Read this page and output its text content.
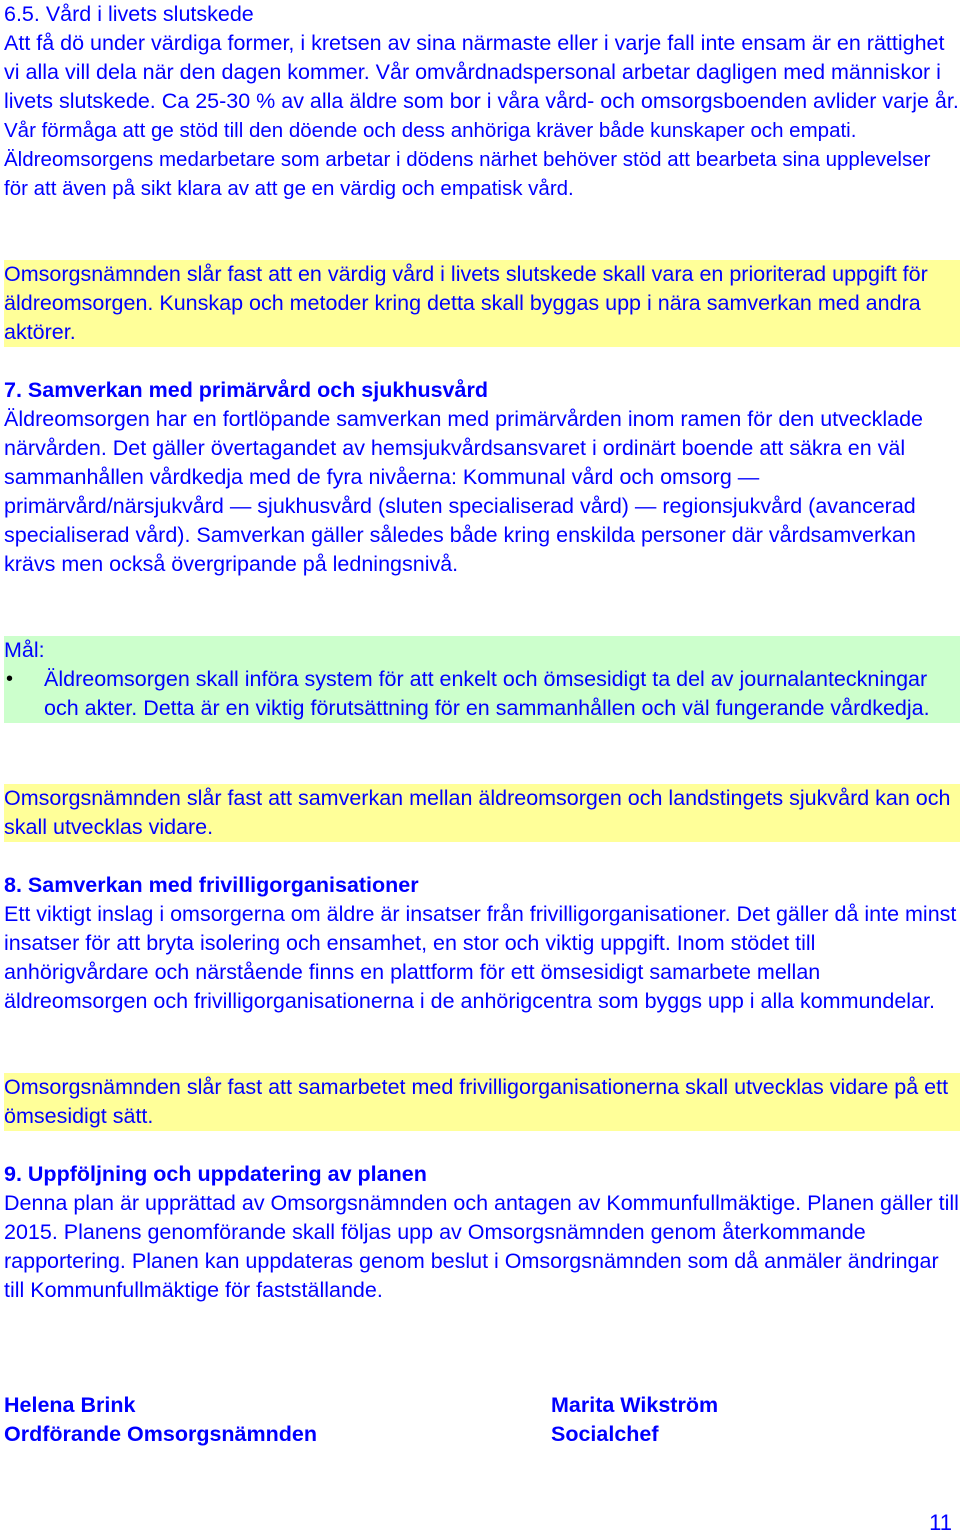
6.5. Vård i livets slutskede

Att få dö under värdiga former, i kretsen av sina närmaste eller i varje fall inte ensam är en rättighet vi alla vill dela när den dagen kommer. Vår omvårdnadspersonal arbetar dagligen med människor i livets slutskede. Ca 25-30 % av alla äldre som bor i våra vård- och omsorgsboenden avlider varje år. Vår förmåga att ge stöd till den döende och dess anhöriga kräver både kunskaper och empati. Äldreomsorgens medarbetare som arbetar i dödens närhet behöver stöd att bearbeta sina upplevelser för att även på sikt klara av att ge en värdig och empatisk vård.

Omsorgsnämnden slår fast att en värdig vård i livets slutskede skall vara en prioriterad uppgift för äldreomsorgen. Kunskap och metoder kring detta skall byggas upp i nära samverkan med andra aktörer.

7. Samverkan med primärvård och sjukhusvård

Äldreomsorgen har en fortlöpande samverkan med primärvården inom ramen för den utvecklade närvården. Det gäller övertagandet av hemsjukvårdsansvaret i ordinärt boende att säkra en väl sammanhållen vårdkedja med de fyra nivåerna: Kommunal vård och omsorg — primärvård/närsjukvård — sjukhusvård (sluten specialiserad vård) — regionsjukvård (avancerad specialiserad vård). Samverkan gäller således både kring enskilda personer där vårdsamverkan krävs men också övergripande på ledningsnivå.

Mål:

•	Äldreomsorgen skall införa system för att enkelt och ömsesidigt ta del av journalanteckningar och akter. Detta är en viktig förutsättning för en sammanhållen och väl fungerande vårdkedja.

Omsorgsnämnden slår fast att samverkan mellan äldreomsorgen och landstingets sjukvård kan och skall utvecklas vidare.

8. Samverkan med frivilligorganisationer

Ett viktigt inslag i omsorgerna om äldre är insatser från frivilligorganisationer. Det gäller då inte minst insatser för att bryta isolering och ensamhet, en stor och viktig uppgift. Inom stödet till anhörigvårdare och närstående finns en plattform för ett ömsesidigt samarbete mellan äldreomsorgen och frivilligorganisationerna i de anhörigcentra som byggs upp i alla kommundelar.

Omsorgsnämnden slår fast att samarbetet med frivilligorganisationerna skall utvecklas vidare på ett ömsesidigt sätt.

9. Uppföljning och uppdatering av planen

Denna plan är upprättad av Omsorgsnämnden och antagen av Kommunfullmäktige. Planen gäller till 2015. Planens genomförande skall följas upp av Omsorgsnämnden genom återkommande rapportering. Planen kan uppdateras genom beslut i Omsorgsnämnden som då anmäler ändringar till Kommunfullmäktige för fastställande.

Helena Brink
Ordförande Omsorgsnämnden
Marita Wikström
Socialchef
11
